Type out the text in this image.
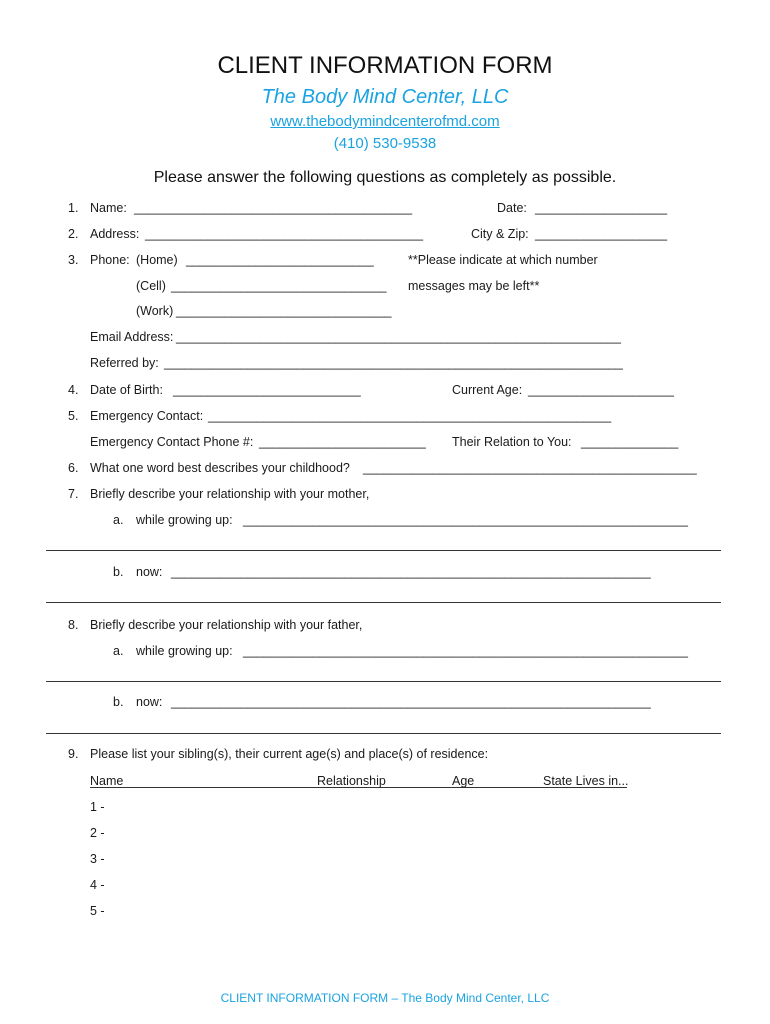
CLIENT INFORMATION FORM
The Body Mind Center, LLC
www.thebodymindcenterofmd.com
(410) 530-9538
Please answer the following questions as completely as possible.
1. Name: ________________________________________	Date: ___________________
2. Address: ________________________________________	City & Zip: ___________________
3. Phone: (Home) ___________________________	**Please indicate at which number
(Cell) _______________________________ messages may be left**
(Work) _______________________________
Email Address: ________________________________________________________________
Referred by: __________________________________________________________________
4. Date of Birth: ___________________________	Current Age: _____________________
5. Emergency Contact: __________________________________________________________
Emergency Contact Phone #: ________________________ Their Relation to You: ______________
6. What one word best describes your childhood? ________________________________________________
7. Briefly describe your relationship with your mother,
a. while growing up: ________________________________________________________________
b. now: _____________________________________________________________________
8. Briefly describe your relationship with your father,
a. while growing up: ________________________________________________________________
b. now: _____________________________________________________________________
9. Please list your sibling(s), their current age(s) and place(s) of residence:
Name	Relationship	Age	State Lives in...
1 -
2 -
3 -
4 -
5 -
CLIENT INFORMATION FORM – The Body Mind Center, LLC
